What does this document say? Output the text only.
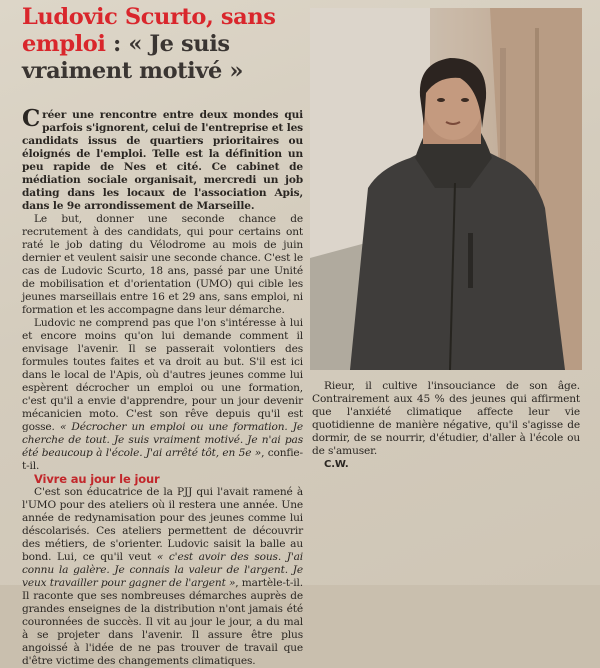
Ludovic Scurto, sans emploi : « Je suis vraiment motivé »

Créer une rencontre entre deux mondes qui parfois s'ignorent, celui de l'entreprise et les candidats issus de quartiers prioritaires ou éloignés de l'emploi. Telle est la définition un peu rapide de Nes et cité. Ce cabinet de médiation sociale organisait, mercredi un job dating dans les locaux de l'association Apis, dans le 9e arrondissement de Marseille.

Le but, donner une seconde chance de recrutement à des candidats, qui pour certains ont raté le job dating du Vélodrome au mois de juin dernier et veulent saisir une seconde chance. C'est le cas de Ludovic Scurto, 18 ans, passé par une Unité de mobilisation et d'orientation (UMO) qui cible les jeunes marseillais entre 16 et 29 ans, sans emploi, ni formation et les accompagne dans leur démarche.

Ludovic ne comprend pas que l'on s'intéresse à lui et encore moins qu'on lui demande comment il envisage l'avenir. Il se passerait volontiers des formules toutes faites et va droit au but. S'il est ici dans le local de l'Apis, où d'autres jeunes comme lui espèrent décrocher un emploi ou une formation, c'est qu'il a envie d'apprendre, pour un jour devenir mécanicien moto. C'est son rêve depuis qu'il est gosse. « Décrocher un emploi ou une formation. Je cherche de tout. Je suis vraiment motivé. Je n'ai pas été beaucoup à l'école. J'ai arrêté tôt, en 5e », confie-t-il.

Vivre au jour le jour

C'est son éducatrice de la PJJ qui l'avait ramené à l'UMO pour des ateliers où il restera une année. Une année de redynamisation pour des jeunes comme lui déscolarisés. Ces ateliers permettent de découvrir des métiers, de s'orienter. Ludovic saisit la balle au bond. Lui, ce qu'il veut « c'est avoir des sous. J'ai connu la galère. Je connais la valeur de l'argent. Je veux travailler pour gagner de l'argent », martèle-t-il. Il raconte que ses nombreuses démarches auprès de grandes enseignes de la distribution n'ont jamais été couronnées de succès. Il vit au jour le jour, a du mal à se projeter dans l'avenir. Il assure être plus angoissé à l'idée de ne pas trouver de travail que d'être victime des changements climatiques.

Rieur, il cultive l'insouciance de son âge. Contrairement aux 45 % des jeunes qui affirment que l'anxiété climatique affecte leur vie quotidienne de manière négative, qu'il s'agisse de dormir, de se nourrir, d'étudier, d'aller à l'école ou de s'amuser.

C.W.
